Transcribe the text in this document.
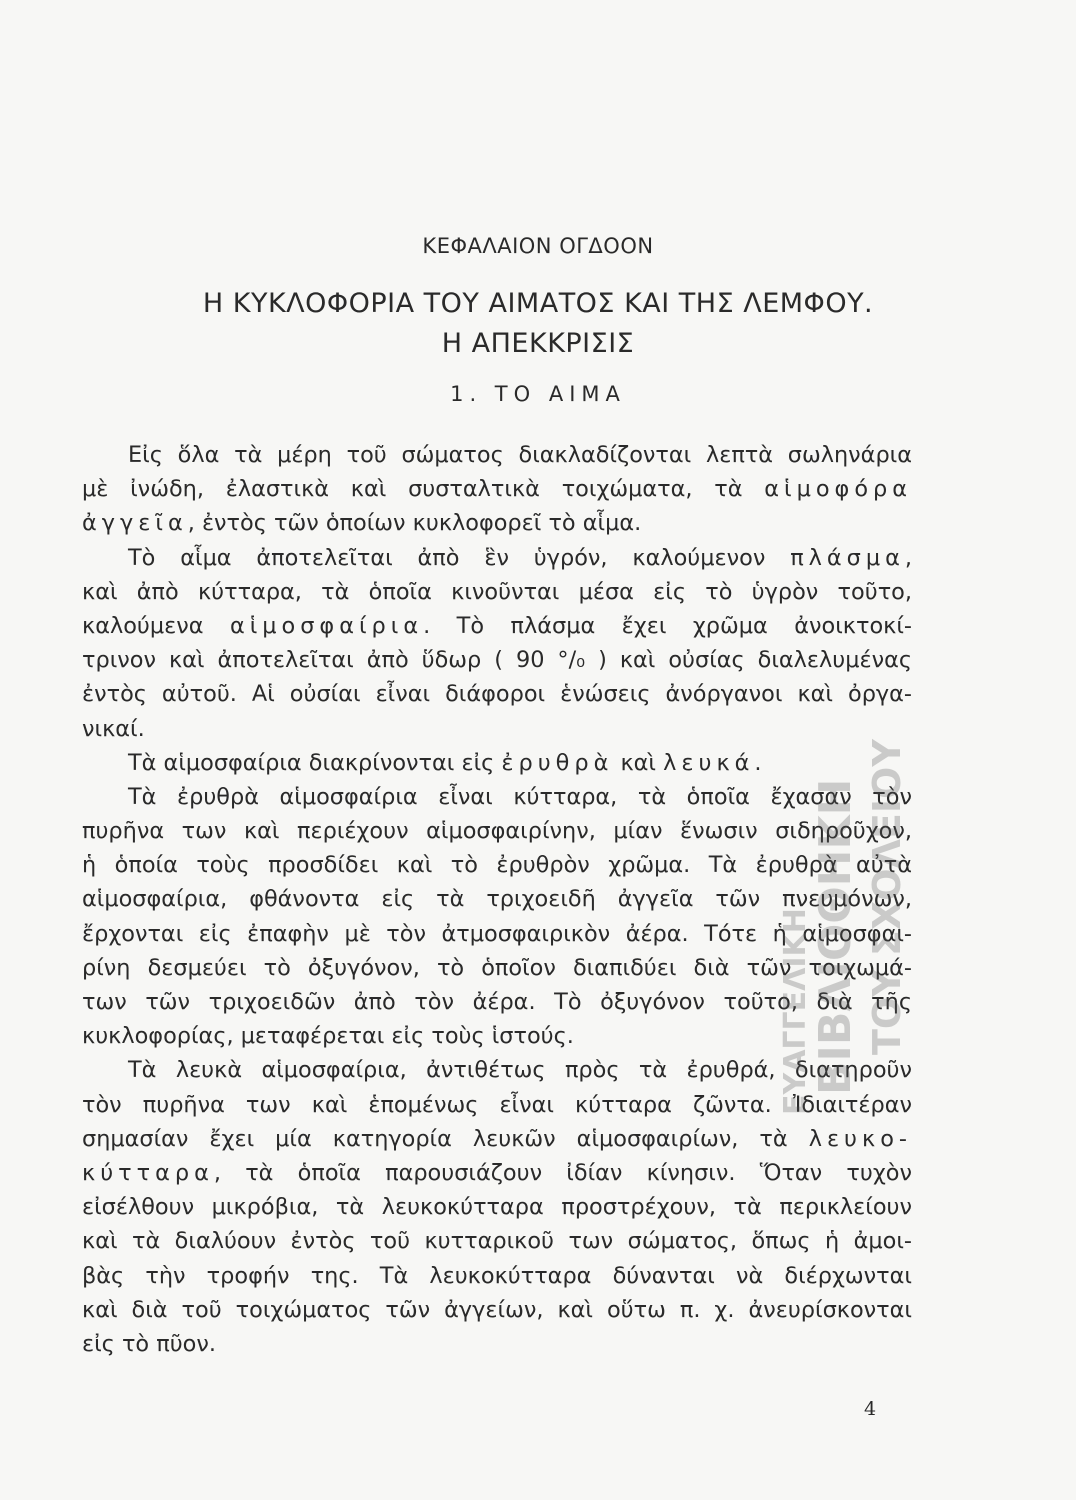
ΚΕΦΑΛΑΙΟΝ ΟΓΔΟΟΝ
Η ΚΥΚΛΟΦΟΡΙΑ ΤΟΥ ΑΙΜΑΤΟΣ ΚΑΙ ΤΗΣ ΛΕΜΦΟΥ.
Η ΑΠΕΚΚΡΙΣΙΣ
1. ΤΟ ΑΙΜΑ
Εἰς ὅλα τὰ μέρη τοῦ σώματος διακλαδίζονται λεπτὰ σωληνάρια
μὲ ἰνώδη, ἐλαστικὰ καὶ συσταλτικὰ τοιχώματα, τὰ αἱμοφόρα
ἀγγεῖα, ἐντὸς τῶν ὁποίων κυκλοφορεῖ τὸ αἷμα.
Τὸ αἷμα ἀποτελεῖται ἀπὸ ἓν ὑγρόν, καλούμενον πλάσμα,
καὶ ἀπὸ κύτταρα, τὰ ὁποῖα κινοῦνται μέσα εἰς τὸ ὑγρὸν τοῦτο,
καλούμενα αἱμοσφαίρια. Τὸ πλάσμα ἔχει χρῶμα ἀνοικτοκί-
τρινον καὶ ἀποτελεῖται ἀπὸ ὕδωρ ( 90 °/₀ ) καὶ οὐσίας διαλελυμένας
ἐντὸς αὐτοῦ. Αἱ οὐσίαι εἶναι διάφοροι ἑνώσεις ἀνόργανοι καὶ ὀργα-
νικαί.
Τὰ αἱμοσφαίρια διακρίνονται εἰς ἐρυθρὰ καὶ λευκά.
Τὰ ἐρυθρὰ αἱμοσφαίρια εἶναι κύτταρα, τὰ ὁποῖα ἔχασαν τὸν
πυρῆνα των καὶ περιέχουν αἱμοσφαιρίνην, μίαν ἕνωσιν σιδηροῦχον,
ἡ ὁποία τοὺς προσδίδει καὶ τὸ ἐρυθρὸν χρῶμα. Τὰ ἐρυθρὰ αὐτὰ
αἱμοσφαίρια, φθάνοντα εἰς τὰ τριχοειδῆ ἀγγεῖα τῶν πνευμόνων,
ἔρχονται εἰς ἐπαφὴν μὲ τὸν ἀτμοσφαιρικὸν ἀέρα. Τότε ἡ αἱμοσφαι-
ρίνη δεσμεύει τὸ ὀξυγόνον, τὸ ὁποῖον διαπιδύει διὰ τῶν τοιχωμά-
των τῶν τριχοειδῶν ἀπὸ τὸν ἀέρα. Τὸ ὀξυγόνον τοῦτο, διὰ τῆς
κυκλοφορίας, μεταφέρεται εἰς τοὺς ἱστούς.
Τὰ λευκὰ αἱμοσφαίρια, ἀντιθέτως πρὸς τὰ ἐρυθρά, διατηροῦν
τὸν πυρῆνα των καὶ ἑπομένως εἶναι κύτταρα ζῶντα. Ἰδιαιτέραν
σημασίαν ἔχει μία κατηγορία λευκῶν αἱμοσφαιρίων, τὰ λευκο-
κύτταρα, τὰ ὁποῖα παρουσιάζουν ἰδίαν κίνησιν. Ὅταν τυχὸν
εἰσέλθουν μικρόβια, τὰ λευκοκύτταρα προστρέχουν, τὰ περικλείουν
καὶ τὰ διαλύουν ἐντὸς τοῦ κυτταρικοῦ των σώματος, ὅπως ἡ ἀμοι-
βὰς τὴν τροφήν της. Τὰ λευκοκύτταρα δύνανται νὰ διέρχωνται
καὶ διὰ τοῦ τοιχώματος τῶν ἀγγείων, καὶ οὕτω π. χ. ἀνευρίσκονται
εἰς τὸ πῦον.
ΒΙΒΛΙΟΘΗΚΗ ΤΟΥ ΣΧΟΛΕΙΟΥ
ΕΥΑΓΓΕΛΙΚΗ
4
